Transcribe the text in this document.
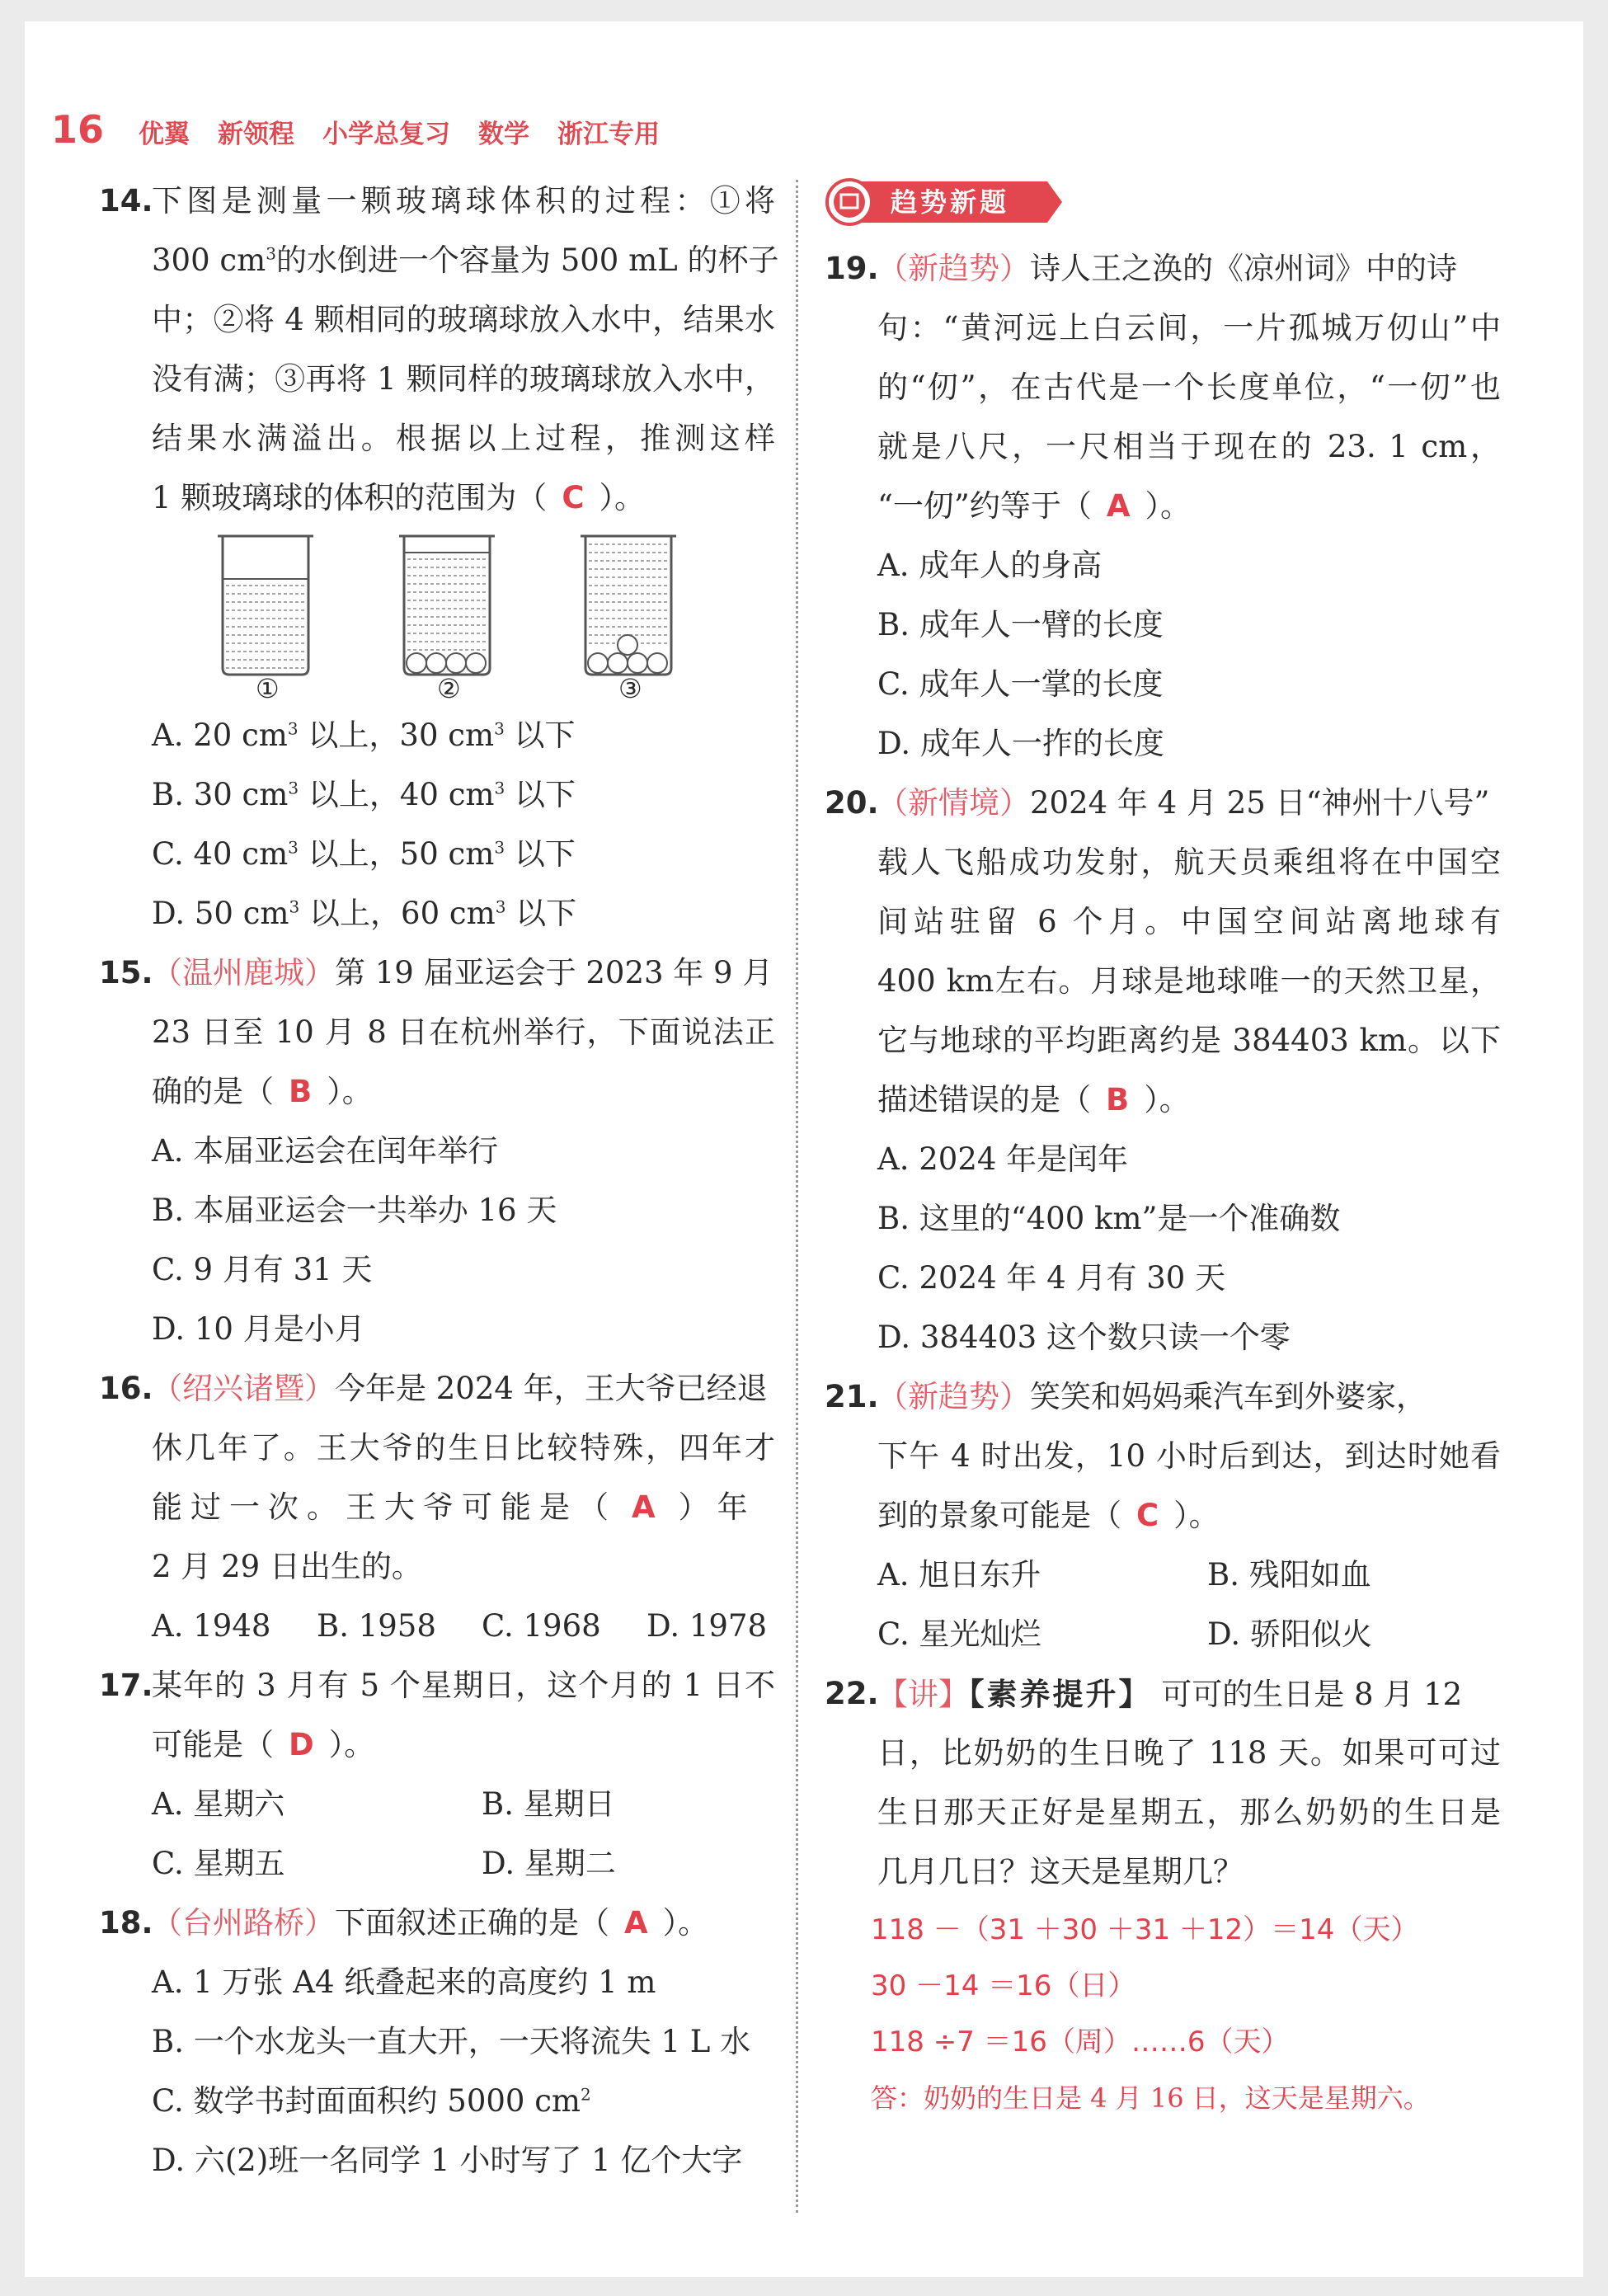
16 优翼 新领程 小学总复习 数学 浙江专用
14.
下图是测量一颗玻璃球体积的过程：①将
300 $cm^3$的水倒进一个容量为 500 mL 的杯子
中；②将 4 颗相同的玻璃球放入水中，结果水
没有满；③再将 1 颗同样的玻璃球放入水中，
结果水满溢出。根据以上过程，推测这样
1 颗玻璃球的体积的范围为（ C ）。
①	②	③
A. 20 $cm^3$ 以上，30 $cm^3$ 以下
B. 30 $cm^3$ 以上，40 $cm^3$ 以下
C. 40 $cm^3$ 以上，50 $cm^3$ 以下
D. 50 $cm^3$ 以上，60 $cm^3$ 以下
15.
（温州鹿城）第 19 届亚运会于 2023 年 9 月
23 日至 10 月 8 日在杭州举行，下面说法正
确的是（ B ）。
A. 本届亚运会在闰年举行
B. 本届亚运会一共举办 16 天
C. 9 月有 31 天
D. 10 月是小月
16.
（绍兴诸暨）今年是 2024 年，王大爷已经退
休几年了。王大爷的生日比较特殊，四年才
能过一次。王大爷可能是（ A ）年
2 月 29 日出生的。
A. 1948 B. 1958 C. 1968 D. 1978
17.
某年的 3 月有 5 个星期日，这个月的 1 日不
可能是（ D ）。
A. 星期六	B. 星期日
C. 星期五	D. 星期二
18.
（台州路桥）下面叙述正确的是（ A ）。
A. 1 万张 A4 纸叠起来的高度约 1 m
B. 一个水龙头一直大开，一天将流失 1 L 水
C. 数学书封面面积约 5000 $cm^2$
D. 六(2)班一名同学 1 小时写了 1 亿个大字
趋势新题
19.
（新趋势）诗人王之涣的《凉州词》中的诗
句：“黄河远上白云间，一片孤城万仞山”中
的“仞”，在古代是一个长度单位，“一仞”也
就是八尺，一尺相当于现在的 23. 1 cm，
“一仞”约等于（ A ）。
A. 成年人的身高
B. 成年人一臂的长度
C. 成年人一掌的长度
D. 成年人一拃的长度
20.
（新情境）2024 年 4 月 25 日“神州十八号”
载人飞船成功发射，航天员乘组将在中国空
间站驻留 6 个月。中国空间站离地球有
400 km左右。月球是地球唯一的天然卫星，
它与地球的平均距离约是 384403 km。以下
描述错误的是（ B ）。
A. 2024 年是闰年
B. 这里的“400 km”是一个准确数
C. 2024 年 4 月有 30 天
D. 384403 这个数只读一个零
21.
（新趋势）笑笑和妈妈乘汽车到外婆家，
下午 4 时出发，10 小时后到达，到达时她看
到的景象可能是（ C ）。
A. 旭日东升	B. 残阳如血
C. 星光灿烂	D. 骄阳似火
22.
【讲】【素养提升】 可可的生日是 8 月 12
日，比奶奶的生日晚了 118 天。如果可可过
生日那天正好是星期五，那么奶奶的生日是
几月几日？这天是星期几？
118 －（31 ＋30 ＋31 ＋12）＝14（天）
30 －14 ＝16（日）
118 ÷7 ＝16（周）……6（天）
答：奶奶的生日是 4 月 16 日，这天是星期六。
